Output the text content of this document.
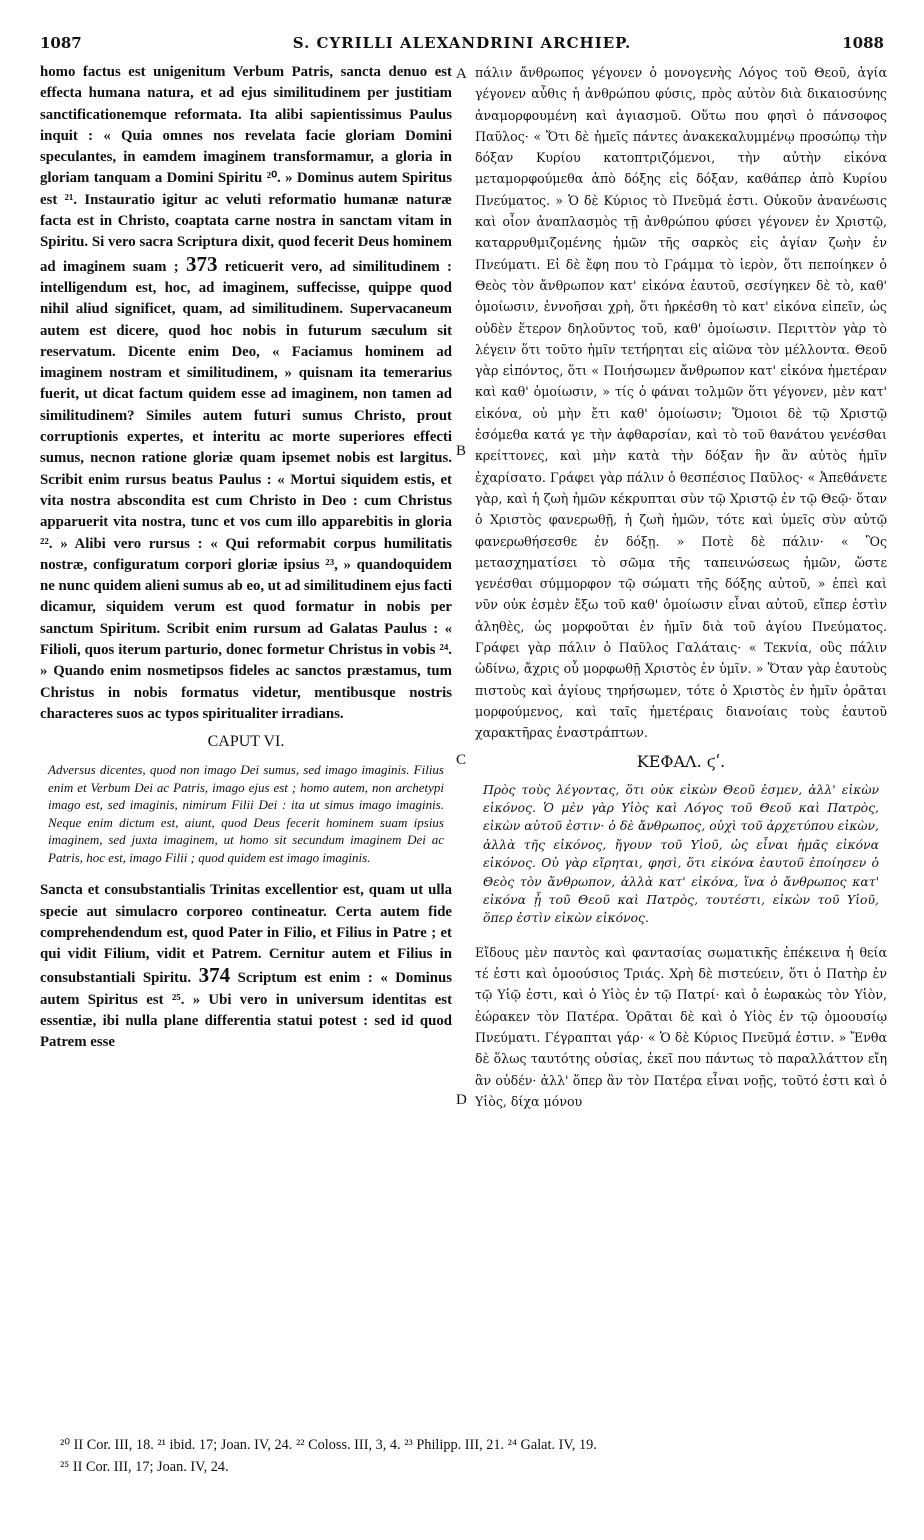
1087	S. CYRILLI ALEXANDRINI ARCHIEP.	1088
A
B
C
D

homo factus est unigenitum Verbum Patris, sancta denuo est effecta humana natura, et ad ejus similitudinem per justitiam sanctificationemque reformata. Ita alibi sapientissimus Paulus inquit : « Quia omnes nos revelata facie gloriam Domini speculantes, in eamdem imaginem transformamur, a gloria in gloriam tanquam a Domini Spiritu ²⁰. » Dominus autem Spiritus est ²¹. Instauratio igitur ac veluti reformatio humanæ naturæ facta est in Christo, coaptata carne nostra in sanctam vitam in Spiritu. Si vero sacra Scriptura dixit, quod fecerit Deus hominem ad imaginem suam ; 373 reticuerit vero, ad similitudinem : intelligendum est, hoc, ad imaginem, suffecisse, quippe quod nihil aliud significet, quam, ad similitudinem. Supervacaneum autem est dicere, quod hoc nobis in futurum sæculum sit reservatum. Dicente enim Deo, « Faciamus hominem ad imaginem nostram et similitudinem, » quisnam ita temerarius fuerit, ut dicat factum quidem esse ad imaginem, non tamen ad similitudinem? Similes autem futuri sumus Christo, prout corruptionis expertes, et interitu ac morte superiores effecti sumus, necnon ratione gloriæ quam ipsemet nobis est largitus. Scribit enim rursus beatus Paulus : « Mortui siquidem estis, et vita nostra abscondita est cum Christo in Deo : cum Christus apparuerit vita nostra, tunc et vos cum illo apparebitis in gloria ²². » Alibi vero rursus : « Qui reformabit corpus humilitatis nostræ, configuratum corpori gloriæ ipsius ²³, » quandoquidem ne nunc quidem alieni sumus ab eo, ut ad similitudinem ejus facti dicamur, siquidem verum est quod formatur in nobis per sanctum Spiritum. Scribit enim rursum ad Galatas Paulus : « Filioli, quos iterum parturio, donec formetur Christus in vobis ²⁴. » Quando enim nosmetipsos fideles ac sanctos præstamus, tum Christus in nobis formatus videtur, mentibusque nostris characteres suos ac typos spiritualiter irradians.

CAPUT VI.

Adversus dicentes, quod non imago Dei sumus, sed imago imaginis. Filius enim et Verbum Dei ac Patris, imago ejus est ; homo autem, non archetypi imago est, sed imaginis, nimirum Filii Dei : ita ut simus imago imaginis. Neque enim dictum est, aiunt, quod Deus fecerit hominem suam ipsius imaginem, sed juxta imaginem, ut homo sit secundum imaginem Dei ac Patris, hoc est, imago Filii ; quod quidem est imago imaginis.

Sancta et consubstantialis Trinitas excellentior est, quam ut ulla specie aut simulacro corporeo contineatur. Certa autem fide comprehendendum est, quod Pater in Filio, et Filius in Patre ; et qui vidit Filium, vidit et Patrem. Cernitur autem et Filius in consubstantiali Spiritu. 374 Scriptum est enim : « Dominus autem Spiritus est ²⁵. » Ubi vero in universum identitas est essentiæ, ibi nulla plane differentia statui potest : sed id quod Patrem esse

πάλιν ἄνθρωπος γέγονεν ὁ μονογενὴς Λόγος τοῦ Θεοῦ, ἁγία γέγονεν αὖθις ἡ ἀνθρώπου φύσις, πρὸς αὐτὸν διὰ δικαιοσύνης ἀναμορφουμένη καὶ ἁγιασμοῦ. Οὕτω που φησὶ ὁ πάνσοφος Παῦλος· « Ὅτι δὲ ἡμεῖς πάντες ἀνακεκαλυμμένῳ προσώπῳ τὴν δόξαν Κυρίου κατοπτριζόμενοι, τὴν αὐτὴν εἰκόνα μεταμορφούμεθα ἀπὸ δόξης εἰς δόξαν, καθάπερ ἀπὸ Κυρίου Πνεύματος. » Ὁ δὲ Κύριος τὸ Πνεῦμά ἐστι. Οὐκοῦν ἀνανέωσις καὶ οἷον ἀναπλασμὸς τῇ ἀνθρώπου φύσει γέγονεν ἐν Χριστῷ, καταρρυθμιζομένης ἡμῶν τῆς σαρκὸς εἰς ἁγίαν ζωὴν ἐν Πνεύματι. Εἰ δὲ ἔφη που τὸ Γράμμα τὸ ἱερὸν, ὅτι πεποίηκεν ὁ Θεὸς τὸν ἄνθρωπον κατ' εἰκόνα ἑαυτοῦ, σεσίγηκεν δὲ τὸ, καθ' ὁμοίωσιν, ἐννοῆσαι χρὴ, ὅτι ἠρκέσθη τὸ κατ' εἰκόνα εἰπεῖν, ὡς οὐδὲν ἕτερον δηλοῦντος τοῦ, καθ' ὁμοίωσιν. Περιττὸν γὰρ τὸ λέγειν ὅτι τοῦτο ἡμῖν τετήρηται εἰς αἰῶνα τὸν μέλλοντα. Θεοῦ γὰρ εἰπόντος, ὅτι « Ποιήσωμεν ἄνθρωπον κατ' εἰκόνα ἡμετέραν καὶ καθ' ὁμοίωσιν, » τίς ὁ φάναι τολμῶν ὅτι γέγονεν, μὲν κατ' εἰκόνα, οὐ μὴν ἔτι καθ' ὁμοίωσιν; Ὅμοιοι δὲ τῷ Χριστῷ ἐσόμεθα κατά γε τὴν ἀφθαρσίαν, καὶ τὸ τοῦ θανάτου γενέσθαι κρείττονες, καὶ μὴν κατὰ τὴν δόξαν ἣν ἂν αὐτὸς ἡμῖν ἐχαρίσατο. Γράφει γὰρ πάλιν ὁ θεσπέσιος Παῦλος· « Ἀπεθάνετε γὰρ, καὶ ἡ ζωὴ ἡμῶν κέκρυπται σὺν τῷ Χριστῷ ἐν τῷ Θεῷ· ὅταν ὁ Χριστὸς φανερωθῇ, ἡ ζωὴ ἡμῶν, τότε καὶ ὑμεῖς σὺν αὐτῷ φανερωθήσεσθε ἐν δόξῃ. » Ποτὲ δὲ πάλιν· « Ὃς μετασχηματίσει τὸ σῶμα τῆς ταπεινώσεως ἡμῶν, ὥστε γενέσθαι σύμμορφον τῷ σώματι τῆς δόξης αὐτοῦ, » ἐπεὶ καὶ νῦν οὐκ ἐσμὲν ἔξω τοῦ καθ' ὁμοίωσιν εἶναι αὐτοῦ, εἴπερ ἐστὶν ἀληθὲς, ὡς μορφοῦται ἐν ἡμῖν διὰ τοῦ ἁγίου Πνεύματος. Γράφει γὰρ πάλιν ὁ Παῦλος Γαλάταις· « Τεκνία, οὓς πάλιν ὠδίνω, ἄχρις οὗ μορφωθῇ Χριστὸς ἐν ὑμῖν. » Ὅταν γὰρ ἑαυτοὺς πιστοὺς καὶ ἁγίους τηρήσωμεν, τότε ὁ Χριστὸς ἐν ἡμῖν ὁρᾶται μορφούμενος, καὶ ταῖς ἡμετέραις διανοίαις τοὺς ἑαυτοῦ χαρακτῆρας ἐναστράπτων.

ΚΕΦΑΛ. ϛʹ.

Πρὸς τοὺς λέγοντας, ὅτι οὐκ εἰκὼν Θεοῦ ἐσμεν, ἀλλ' εἰκὼν εἰκόνος. Ὁ μὲν γὰρ Υἱὸς καὶ Λόγος τοῦ Θεοῦ καὶ Πατρὸς, εἰκὼν αὐτοῦ ἐστιν· ὁ δὲ ἄνθρωπος, οὐχὶ τοῦ ἀρχετύπου εἰκὼν, ἀλλὰ τῆς εἰκόνος, ἤγουν τοῦ Υἱοῦ, ὡς εἶναι ἡμᾶς εἰκόνα εἰκόνος. Οὐ γὰρ εἴρηται, φησὶ, ὅτι εἰκόνα ἑαυτοῦ ἐποίησεν ὁ Θεὸς τὸν ἄνθρωπον, ἀλλὰ κατ' εἰκόνα, ἵνα ὁ ἄνθρωπος κατ' εἰκόνα ᾖ τοῦ Θεοῦ καὶ Πατρὸς, τουτέστι, εἰκὼν τοῦ Υἱοῦ, ὅπερ ἐστὶν εἰκὼν εἰκόνος.

Εἴδους μὲν παντὸς καὶ φαντασίας σωματικῆς ἐπέκεινα ἡ θεία τέ ἐστι καὶ ὁμοούσιος Τριάς. Χρὴ δὲ πιστεύειν, ὅτι ὁ Πατὴρ ἐν τῷ Υἱῷ ἐστι, καὶ ὁ Υἱὸς ἐν τῷ Πατρί· καὶ ὁ ἑωρακὼς τὸν Υἱὸν, ἑώρακεν τὸν Πατέρα. Ὁρᾶται δὲ καὶ ὁ Υἱὸς ἐν τῷ ὁμοουσίῳ Πνεύματι. Γέγραπται γάρ· « Ὁ δὲ Κύριος Πνεῦμά ἐστιν. » Ἔνθα δὲ ὅλως ταυτότης οὐσίας, ἐκεῖ που πάντως τὸ παραλλάττον εἴη ἂν οὐδέν· ἀλλ' ὅπερ ἂν τὸν Πατέρα εἶναι νοῇς, τοῦτό ἐστι καὶ ὁ Υἱὸς, δίχα μόνου

²⁰ II Cor. III, 18. ²¹ ibid. 17; Joan. IV, 24. ²² Coloss. III, 3, 4. ²³ Philipp. III, 21. ²⁴ Galat. IV, 19.

²⁵ II Cor. III, 17; Joan. IV, 24.
